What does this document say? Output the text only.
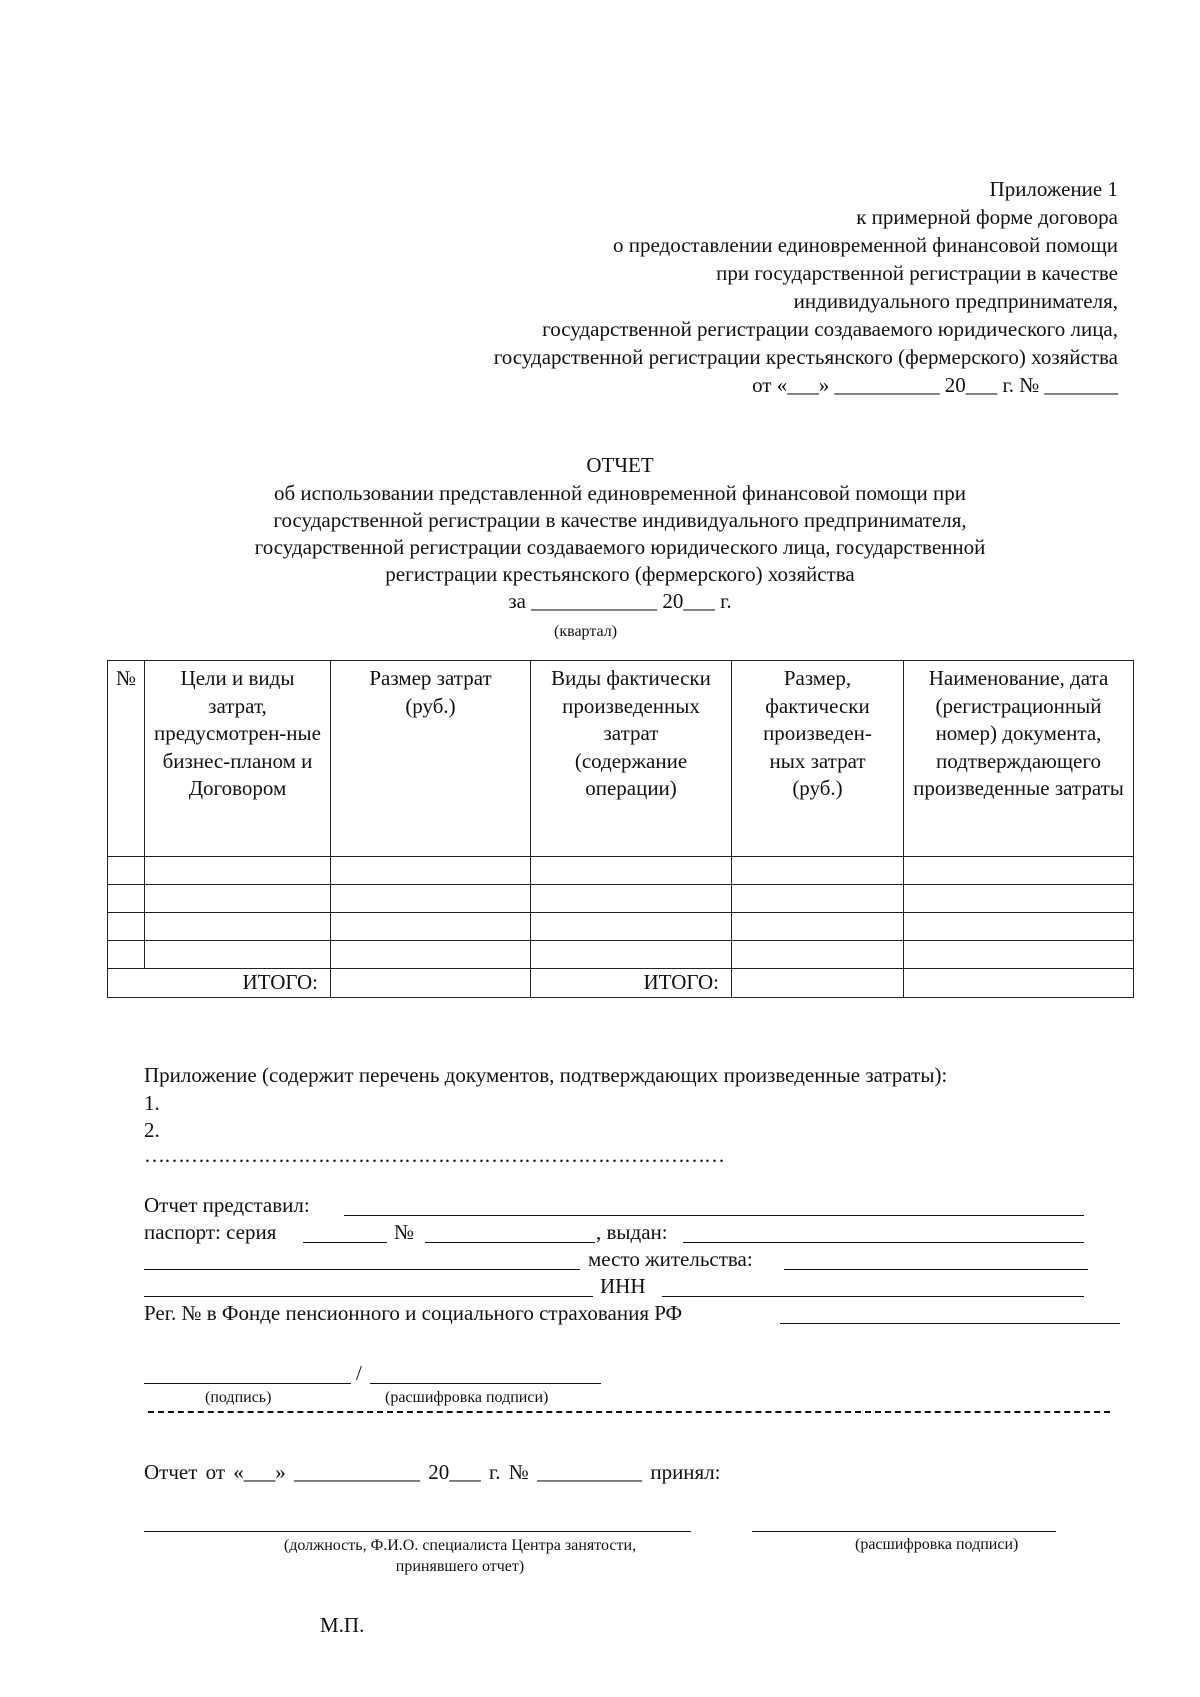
Приложение 1
к примерной форме договора
о предоставлении единовременной финансовой помощи
при государственной регистрации в качестве
индивидуального предпринимателя,
государственной регистрации создаваемого юридического лица,
государственной регистрации крестьянского (фермерского) хозяйства
от «___» __________ 20___ г. № _______
ОТЧЕТ
об использовании представленной единовременной финансовой помощи при
государственной регистрации в качестве индивидуального предпринимателя,
государственной регистрации создаваемого юридического лица, государственной
регистрации крестьянского (фермерского) хозяйства
за ____________ 20___ г.
(квартал)
№	Цели и виды затрат, предусмотрен-ные бизнес-планом и Договором	Размер затрат (руб.)	Виды фактически произведенных затрат (содержание операции)	Размер, фактически произведен-ных затрат (руб.)	Наименование, дата (регистрационный номер) документа, подтверждающего произведенные затраты

ИТОГО:			ИТОГО:		
Приложение (содержит перечень документов, подтверждающих произведенные затраты):
1.
2.
……………………………………………………………………………
Отчет представил:
паспорт: серия	№	, выдан:
место жительства:
ИНН
Рег. № в Фонде пенсионного и социального страхования РФ
/
(подпись)	(расшифровка подписи)
Отчет от «___» ____________ 20___ г. № __________ принял:
(должность, Ф.И.О. специалиста Центра занятости,
принявшего отчет)
(расшифровка подписи)
М.П.
